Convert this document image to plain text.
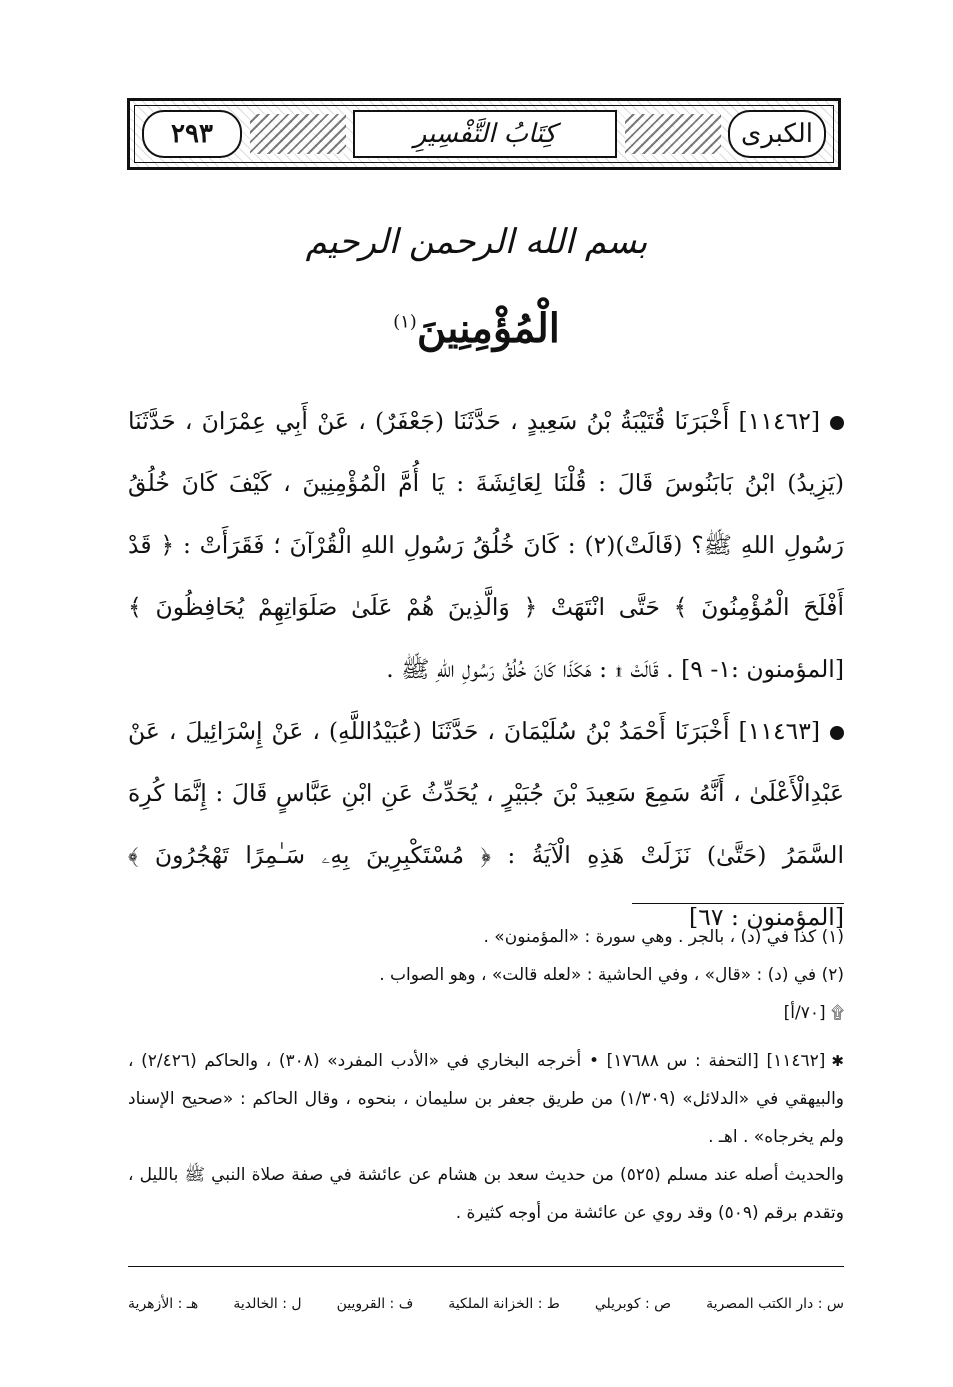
٢٩٣	كِتَابُ التَّفْسِيرِ	الكبرى
بسم الله الرحمن الرحيم
الْمُؤْمِنِينَ$^{(١)}$
[١١٤٦٢] أَخْبَرَنَا قُتَيْبَةُ بْنُ سَعِيدٍ ، حَدَّثَنَا (جَعْفَرٌ) ، عَنْ أَبِي عِمْرَانَ ، حَدَّثَنَا (يَزِيدُ) ابْنُ بَابَنُوسَ قَالَ : قُلْنَا لِعَائِشَةَ : يَا أُمَّ الْمُؤْمِنِينَ ، كَيْفَ كَانَ خُلُقُ رَسُولِ اللهِ ﷺ؟ (قَالَتْ)(٢) : كَانَ خُلُقُ رَسُولِ اللهِ الْقُرْآنَ ؛ فَقَرَأَتْ : ﴿ قَدْ أَفْلَحَ الْمُؤْمِنُونَ ﴾ حَتَّى انْتَهَتْ ﴿ وَالَّذِينَ هُمْ عَلَىٰ صَلَوَاتِهِمْ يُحَافِظُونَ ﴾ [المؤمنون :١- ٩] . قَالَتْ ۩ : هَكَذَا كَانَ خُلُقُ رَسُولِ اللهِ ﷺ .
[١١٤٦٣] أَخْبَرَنَا أَحْمَدُ بْنُ سُلَيْمَانَ ، حَدَّثَنَا (عُبَيْدُاللَّهِ) ، عَنْ إِسْرَائِيلَ ، عَنْ عَبْدِالْأَعْلَىٰ ، أَنَّهُ سَمِعَ سَعِيدَ بْنَ جُبَيْرٍ ، يُحَدِّثُ عَنِ ابْنِ عَبَّاسٍ قَالَ : إِنَّمَا كُرِهَ السَّمَرُ (حَتَّىٰ) نَزَلَتْ هَذِهِ الْآيَةُ : ﴿ مُسْتَكْبِرِينَ بِهِۦ سَـٰمِرًا تَهْجُرُونَ ﴾ [المؤمنون : ٦٧]

(١) كذا في (د) ، بالجر . وهي سورة : «المؤمنون» .

(٢) في (د) : «قال» ، وفي الحاشية : «لعله قالت» ، وهو الصواب .

۩ [٧٠/أ]

✱[١١٤٦٢] [التحفة : س ١٧٦٨٨] • أخرجه البخاري في «الأدب المفرد» (٣٠٨) ، والحاكم (٢/٤٢٦) ، والبيهقي في «الدلائل» (١/٣٠٩) من طريق جعفر بن سليمان ، بنحوه ، وقال الحاكم : «صحيح الإسناد ولم يخرجاه» . اهـ .

والحديث أصله عند مسلم (٥٢٥) من حديث سعد بن هشام عن عائشة في صفة صلاة النبي ﷺ بالليل ، وتقدم برقم (٥٠٩) وقد روي عن عائشة من أوجه كثيرة .

س : دار الكتب المصرية
ص : كوبريلي
ط : الخزانة الملكية
ف : القرويين
ل : الخالدية
هـ : الأزهرية
